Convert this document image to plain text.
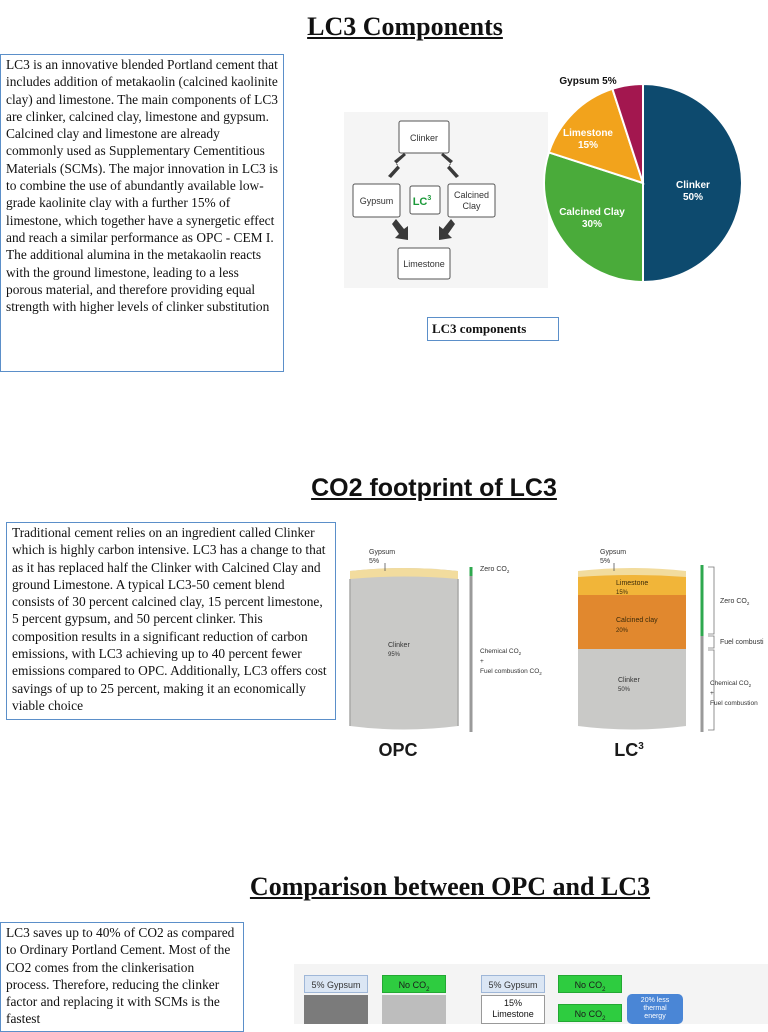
LC3 Components
LC3 is an innovative blended Portland cement that includes addition of metakaolin (calcined kaolinite clay) and limestone. The main components of LC3 are clinker, calcined clay, limestone and gypsum.
Calcined clay and limestone are already commonly used as Supplementary Cementitious Materials (SCMs). The major innovation in LC3 is to combine the use of abundantly available low-grade kaolinite clay with a further 15% of limestone, which together have a synergetic effect and reach a similar performance as OPC - CEM I.
The additional alumina in the metakaolin reacts with the ground limestone, leading to a less porous material, and therefore providing equal strength with higher levels of clinker substitution
Clinker
Gypsum
Calcined
Clay
Limestone
$LC^3$
Clinker 50%
Calcined Clay 30%
Limestone 15%
Gypsum 5%
LC3 components
CO2 footprint of LC3
Traditional cement relies on an ingredient called Clinker which is highly carbon intensive. LC3 has a change to that as it has replaced half the Clinker with Calcined Clay and ground Limestone. A typical LC3-50 cement blend consists of 30 percent calcined clay, 15 percent limestone, 5 percent gypsum, and 50 percent clinker. This composition results in a significant reduction of carbon emissions, with LC3 achieving up to 40 percent fewer emissions compared to OPC. Additionally, LC3 offers cost savings of up to 25 percent, making it an economically viable choice
Gypsum
5%
Clinker
95%
Zero $CO_2$
Chemical $CO_2$
+
Fuel combustion $CO_2$
OPC
Gypsum
5%
Limestone
15%
Calcined clay
20%
Clinker
50%
Zero $CO_2$
Fuel combusti
Chemical $CO_2$
+
Fuel combustion
$LC^3$
Comparison between OPC and LC3
LC3 saves up to 40% of CO2 as compared to Ordinary Portland Cement. Most of the CO2 comes from the clinkerisation process. Therefore, reducing the clinker factor and replacing it with SCMs is the fastest
5% Gypsum	No $CO_2$	5% Gypsum	No $CO_2$
15%
Limestone	No $CO_2$
20% less
thermal
energy
